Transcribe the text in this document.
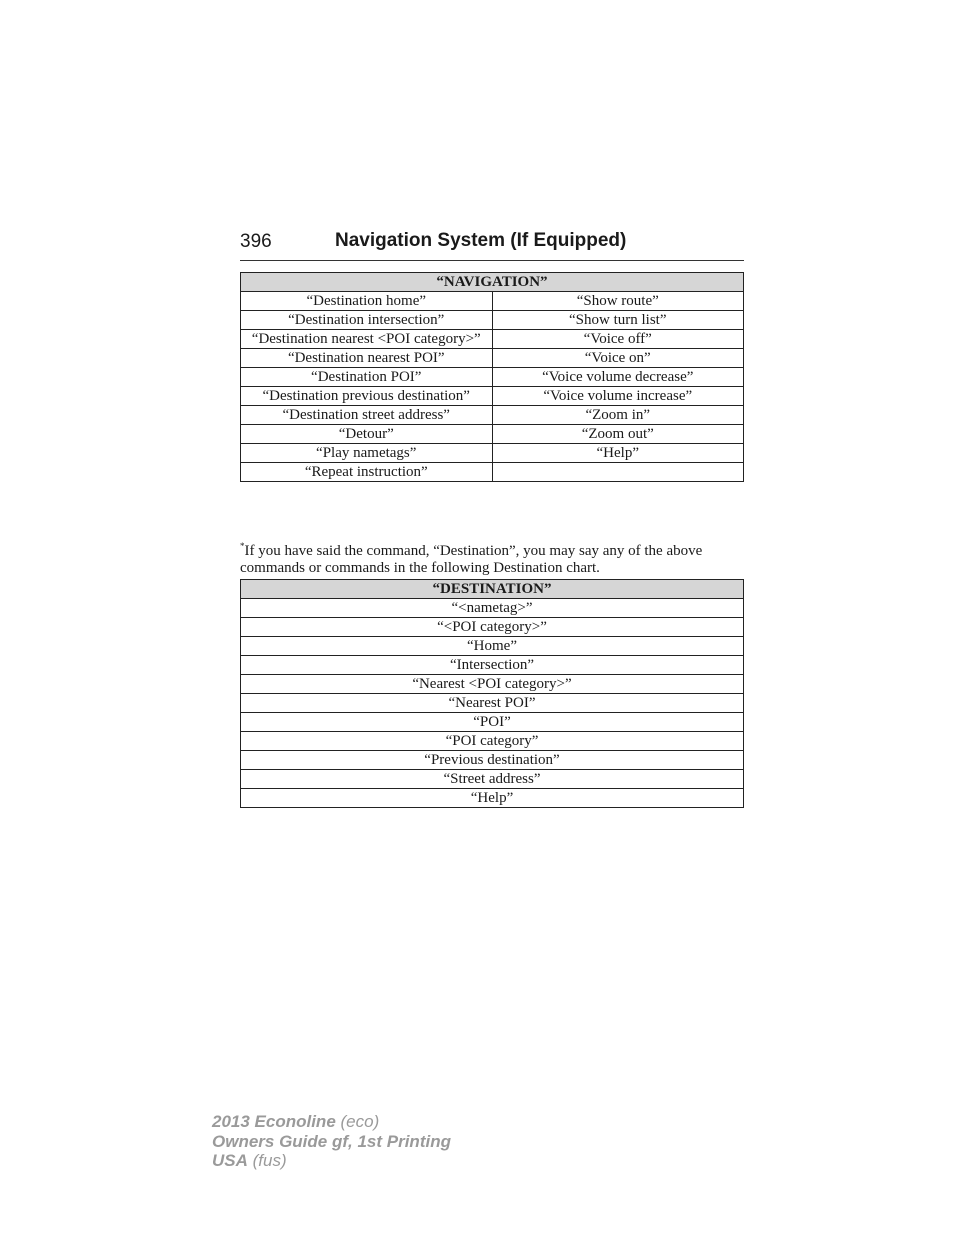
396	Navigation System (If Equipped)
“NAVIGATION”	
“Destination home”	“Show route”
“Destination intersection”	“Show turn list”
“Destination nearest <POI category>”	“Voice off”
“Destination nearest POI”	“Voice on”
“Destination POI”	“Voice volume decrease”
“Destination previous destination”	“Voice volume increase”
“Destination street address”	“Zoom in”
“Detour”	“Zoom out”
“Play nametags”	“Help”
“Repeat instruction”	
*If you have said the command, “Destination”, you may say any of the above commands or commands in the following Destination chart.
“DESTINATION”
“<nametag>”
“<POI category>”
“Home”
“Intersection”
“Nearest <POI category>”
“Nearest POI”
“POI”
“POI category”
“Previous destination”
“Street address”
“Help”
2013 Econoline (eco)
Owners Guide gf, 1st Printing
USA (fus)
